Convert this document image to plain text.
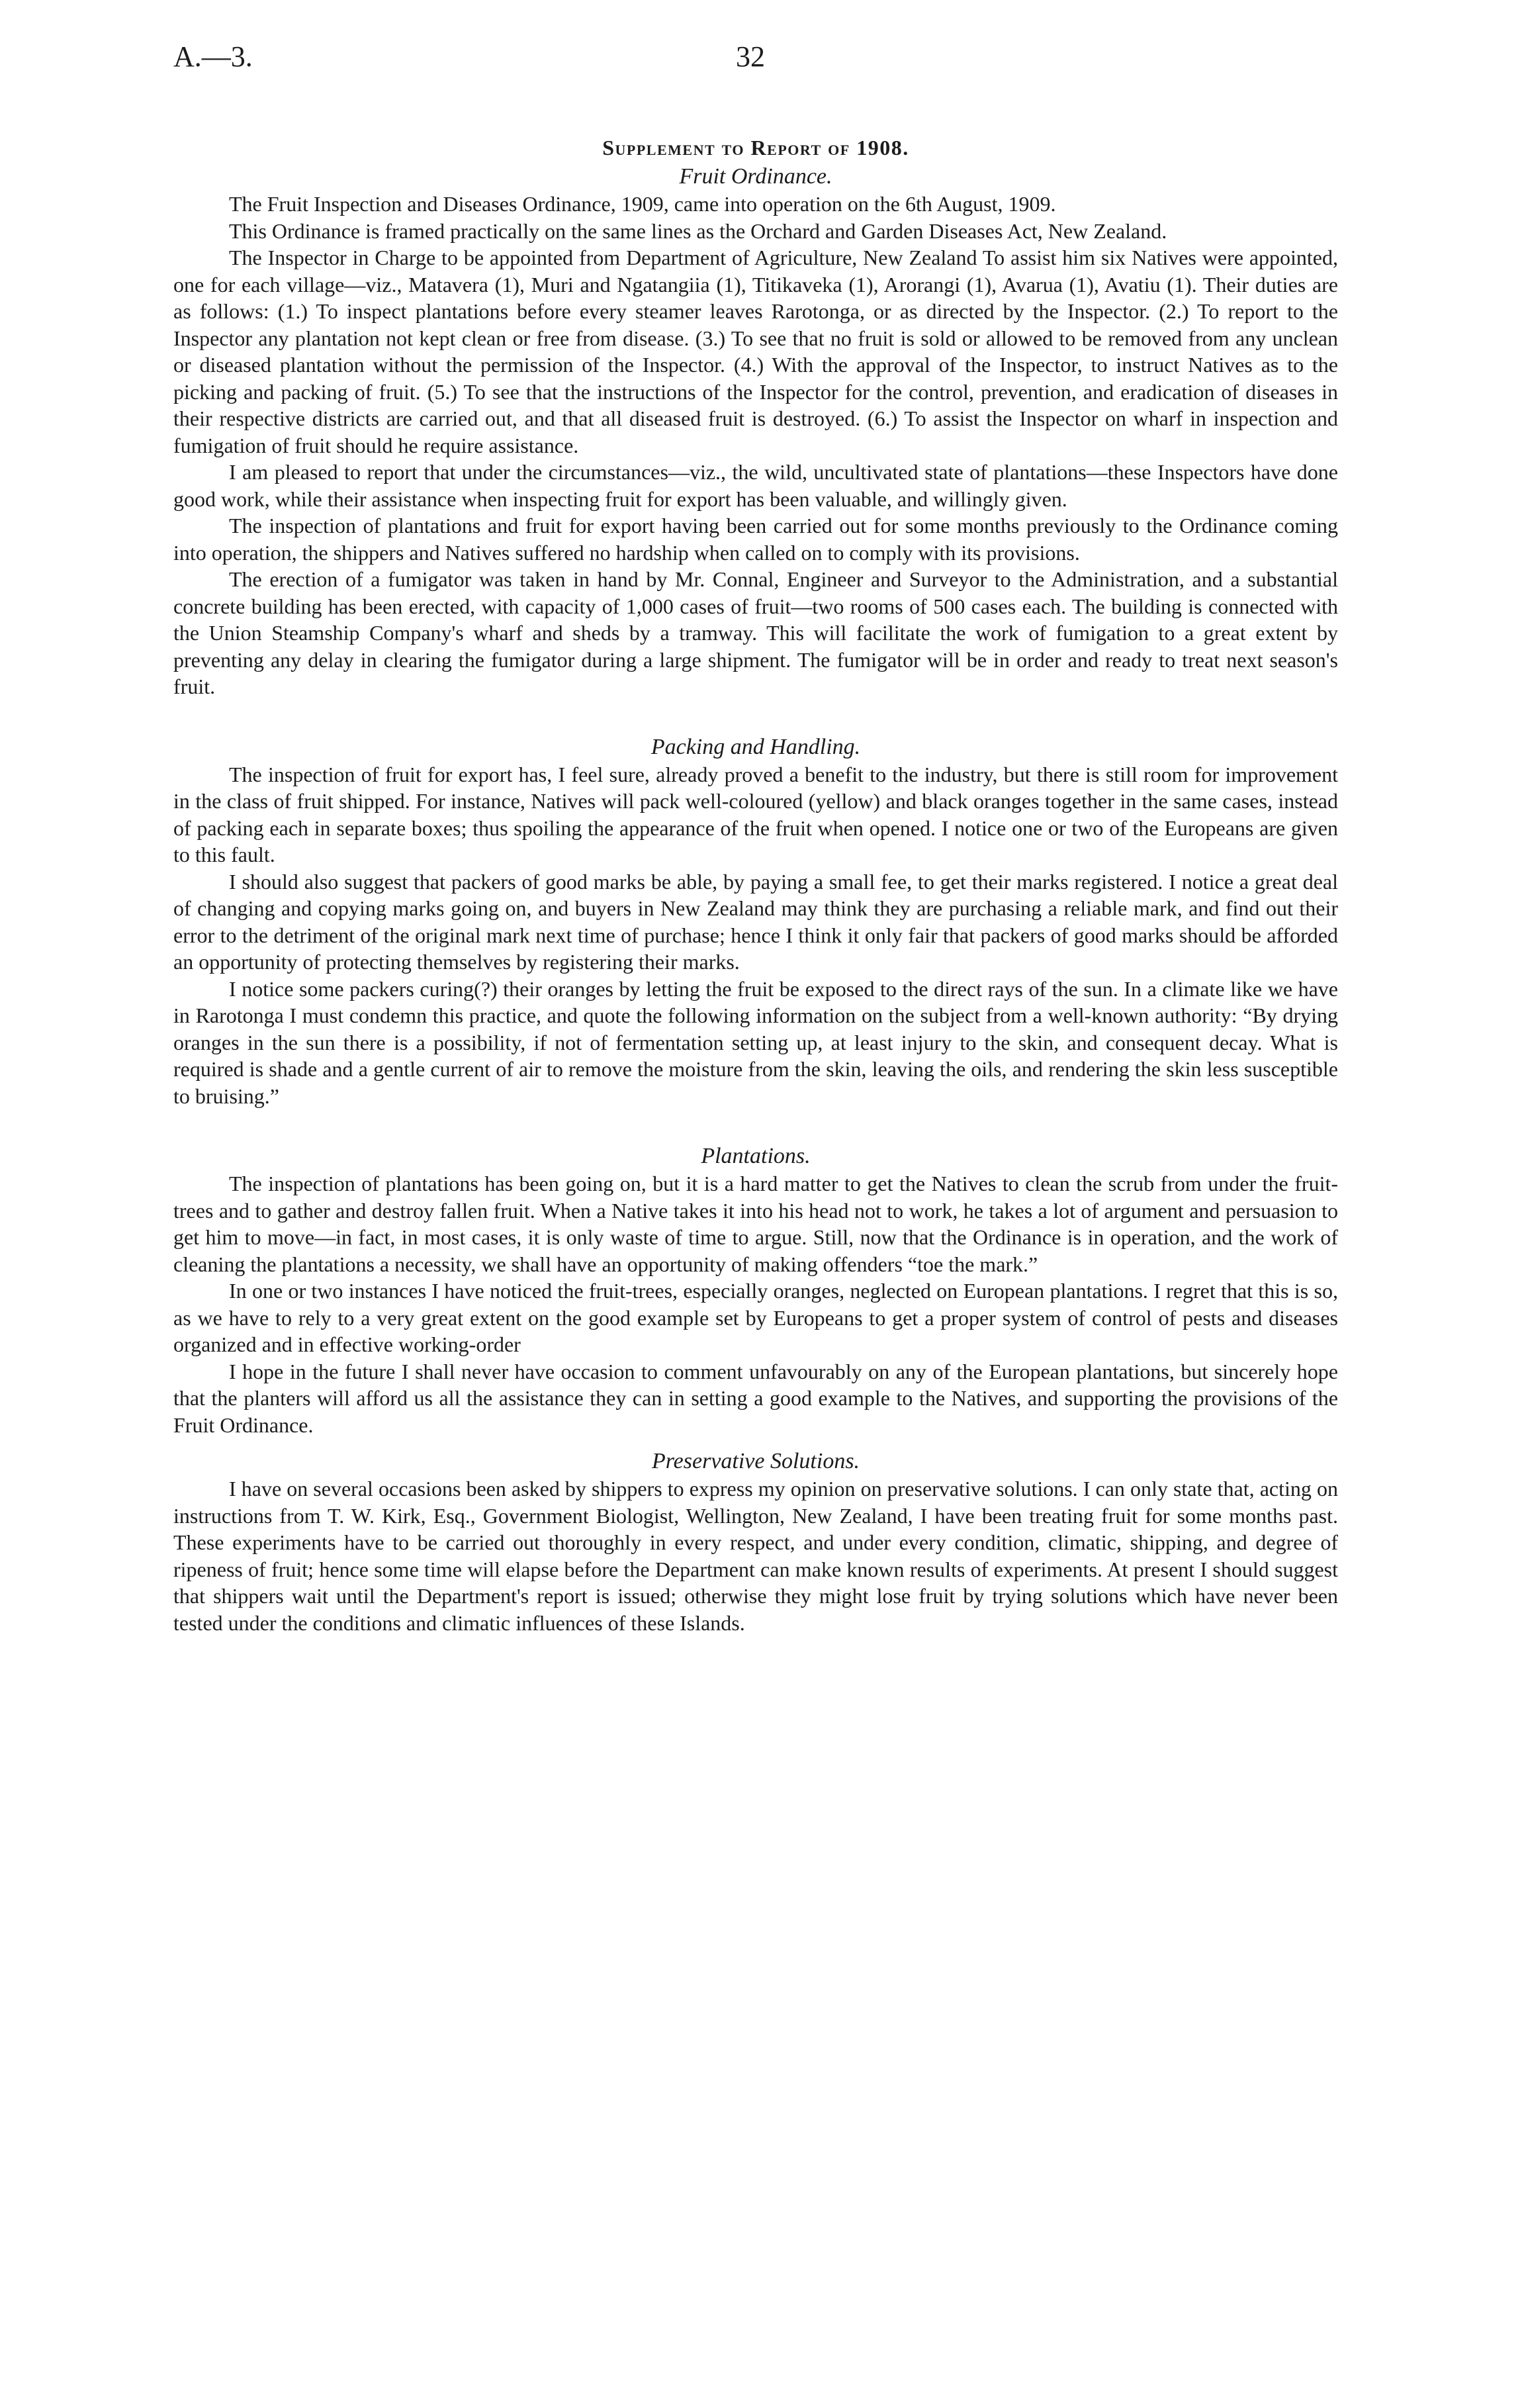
A.—3.	32
Supplement to Report of 1908.
Fruit Ordinance.

The Fruit Inspection and Diseases Ordinance, 1909, came into operation on the 6th August, 1909.

This Ordinance is framed practically on the same lines as the Orchard and Garden Diseases Act, New Zealand.

The Inspector in Charge to be appointed from Department of Agriculture, New Zealand To assist him six Natives were appointed, one for each village—viz., Matavera (1), Muri and Ngatangiia (1), Titikaveka (1), Arorangi (1), Avarua (1), Avatiu (1). Their duties are as follows: (1.) To inspect plantations before every steamer leaves Rarotonga, or as directed by the Inspector. (2.) To report to the Inspector any plantation not kept clean or free from disease. (3.) To see that no fruit is sold or allowed to be removed from any unclean or diseased plantation without the permission of the Inspector. (4.) With the approval of the Inspector, to instruct Natives as to the picking and packing of fruit. (5.) To see that the instructions of the Inspector for the control, prevention, and eradication of diseases in their respective districts are carried out, and that all diseased fruit is destroyed. (6.) To assist the Inspector on wharf in inspection and fumigation of fruit should he require assistance.

I am pleased to report that under the circumstances—viz., the wild, uncultivated state of plantations—these Inspectors have done good work, while their assistance when inspecting fruit for export has been valuable, and willingly given.

The inspection of plantations and fruit for export having been carried out for some months previously to the Ordinance coming into operation, the shippers and Natives suffered no hardship when called on to comply with its provisions.

The erection of a fumigator was taken in hand by Mr. Connal, Engineer and Surveyor to the Administration, and a substantial concrete building has been erected, with capacity of 1,000 cases of fruit—two rooms of 500 cases each. The building is connected with the Union Steamship Company's wharf and sheds by a tramway. This will facilitate the work of fumigation to a great extent by preventing any delay in clearing the fumigator during a large shipment. The fumigator will be in order and ready to treat next season's fruit.

Packing and Handling.

The inspection of fruit for export has, I feel sure, already proved a benefit to the industry, but there is still room for improvement in the class of fruit shipped. For instance, Natives will pack well-coloured (yellow) and black oranges together in the same cases, instead of packing each in separate boxes; thus spoiling the appearance of the fruit when opened. I notice one or two of the Europeans are given to this fault.

I should also suggest that packers of good marks be able, by paying a small fee, to get their marks registered. I notice a great deal of changing and copying marks going on, and buyers in New Zealand may think they are purchasing a reliable mark, and find out their error to the detriment of the original mark next time of purchase; hence I think it only fair that packers of good marks should be afforded an opportunity of protecting themselves by registering their marks.

I notice some packers curing(?) their oranges by letting the fruit be exposed to the direct rays of the sun. In a climate like we have in Rarotonga I must condemn this practice, and quote the following information on the subject from a well-known authority: “By drying oranges in the sun there is a possibility, if not of fermentation setting up, at least injury to the skin, and consequent decay. What is required is shade and a gentle current of air to remove the moisture from the skin, leaving the oils, and rendering the skin less susceptible to bruising.”

Plantations.

The inspection of plantations has been going on, but it is a hard matter to get the Natives to clean the scrub from under the fruit-trees and to gather and destroy fallen fruit. When a Native takes it into his head not to work, he takes a lot of argument and persuasion to get him to move—in fact, in most cases, it is only waste of time to argue. Still, now that the Ordinance is in operation, and the work of cleaning the plantations a necessity, we shall have an opportunity of making offenders “toe the mark.”

In one or two instances I have noticed the fruit-trees, especially oranges, neglected on European plantations. I regret that this is so, as we have to rely to a very great extent on the good example set by Europeans to get a proper system of control of pests and diseases organized and in effective working-order

I hope in the future I shall never have occasion to comment unfavourably on any of the European plantations, but sincerely hope that the planters will afford us all the assistance they can in setting a good example to the Natives, and supporting the provisions of the Fruit Ordinance.

Preservative Solutions.

I have on several occasions been asked by shippers to express my opinion on preservative solutions. I can only state that, acting on instructions from T. W. Kirk, Esq., Government Biologist, Wellington, New Zealand, I have been treating fruit for some months past. These experiments have to be carried out thoroughly in every respect, and under every condition, climatic, shipping, and degree of ripeness of fruit; hence some time will elapse before the Department can make known results of experiments. At present I should suggest that shippers wait until the Department's report is issued; otherwise they might lose fruit by trying solutions which have never been tested under the conditions and climatic influences of these Islands.
